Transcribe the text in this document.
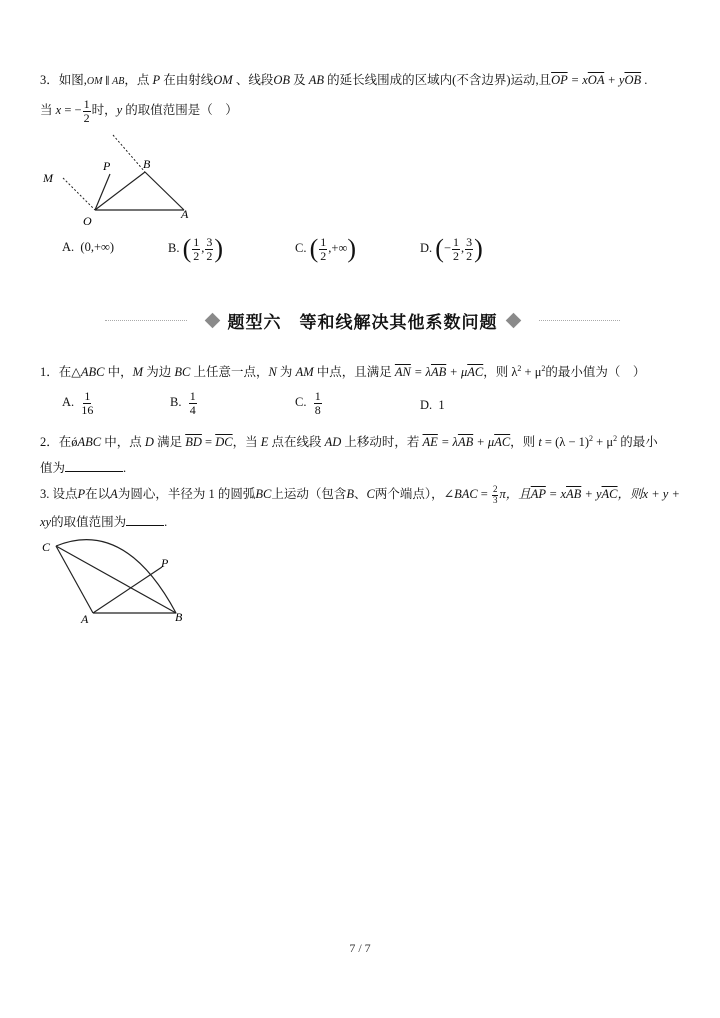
3．如图,OM ∥ AB，点 P 在由射线OM 、线段OB 及 AB 的延长线围成的区域内(不含边界)运动,且$\overline{OP} = x\overline{OA} + y\overline{OB}$ .
当 x = − $\frac{1}{2}$ 时，y 的取值范围是（　）
M
P	B
O	A
A. (0,+∞)	B. ( $\frac{1}{2}$ , $\frac{3}{2}$ )	C. ( $\frac{1}{2}$ ,+∞)	D. (− $\frac{1}{2}$ , $\frac{3}{2}$ )
题型六　等和线解决其他系数问题
1．在△ABC 中，M 为边 BC 上任意一点，N 为 AM 中点，且满足 $\overline{AN} = \lambda\overline{AB} + \mu\overline{AC}$，则 $\lambda^2 + \mu^2$的最小值为（　）
A. $\frac{1}{16}$	B. $\frac{1}{4}$	C. $\frac{1}{8}$	D. 1
2．在ǿABC 中，点 D 满足 $\overline{BD} = \overline{DC}$，当 E 点在线段 AD 上移动时，若 $\overline{AE} = \lambda\overline{AB} + \mu\overline{AC}$，则 $t = (\lambda - 1)^2 + \mu^2$ 的最小
值为	.
3. 设点P在以A为圆心，半径为 1 的圆弧BC上运动（包含B、C两个端点），∠BAC = $\frac{2}{3}$ π，且$\overline{AP} = x\overline{AB} + y\overline{AC}$，则x + y +
xy的取值范围为	.
C
P
A	B
7 / 7
